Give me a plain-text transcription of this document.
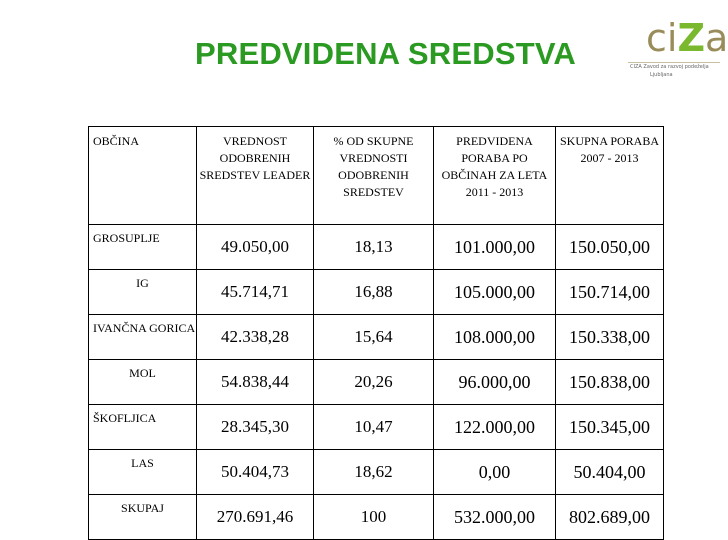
PREDVIDENA SREDSTVA ciZa
CIZA Zavod za razvoj podeželja
Ljubljana
OBČINA	VREDNOST ODOBRENIH SREDSTEV LEADER	% OD SKUPNE VREDNOSTI ODOBRENIH SREDSTEV	PREDVIDENA PORABA PO OBČINAH ZA LETA 2011 - 2013	SKUPNA PORABA 2007 - 2013
GROSUPLJE	49.050,00	18,13	101.000,00	150.050,00
IG	45.714,71	16,88	105.000,00	150.714,00
IVANČNA GORICA	42.338,28	15,64	108.000,00	150.338,00
MOL	54.838,44	20,26	96.000,00	150.838,00
ŠKOFLJICA	28.345,30	10,47	122.000,00	150.345,00
LAS	50.404,73	18,62	0,00	50.404,00
SKUPAJ	270.691,46	100	532.000,00	802.689,00
